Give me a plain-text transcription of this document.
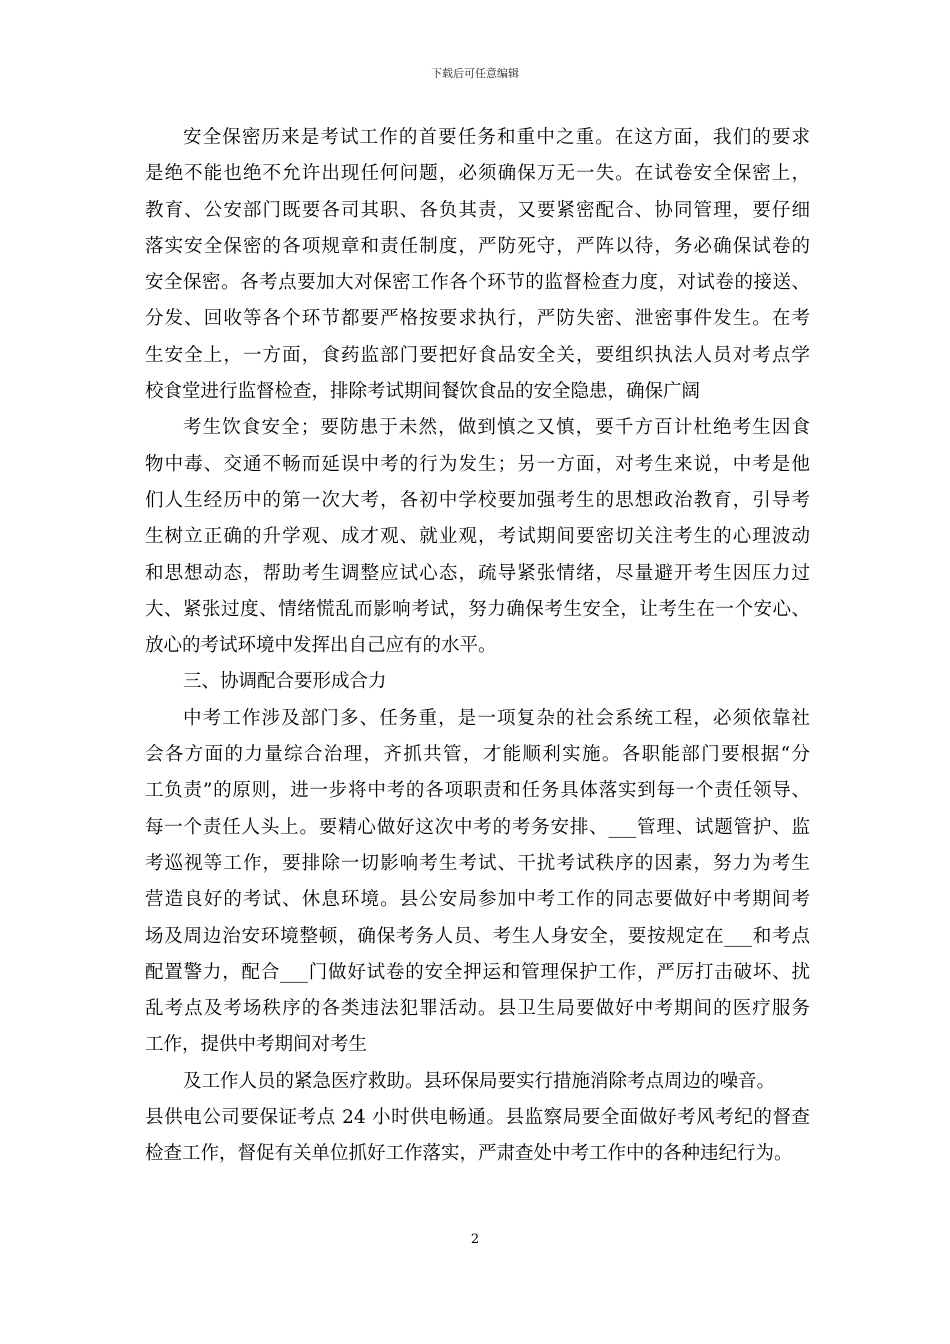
下载后可任意编辑
安全保密历来是考试工作的首要任务和重中之重。在这方面，我们的要求
是绝不能也绝不允许出现任何问题，必须确保万无一失。在试卷安全保密上，
教育、公安部门既要各司其职、各负其责，又要紧密配合、协同管理，要仔细
落实安全保密的各项规章和责任制度，严防死守，严阵以待，务必确保试卷的
安全保密。各考点要加大对保密工作各个环节的监督检查力度，对试卷的接送、
分发、回收等各个环节都要严格按要求执行，严防失密、泄密事件发生。在考
生安全上，一方面，食药监部门要把好食品安全关，要组织执法人员对考点学
校食堂进行监督检查，排除考试期间餐饮食品的安全隐患，确保广阔
考生饮食安全；要防患于未然，做到慎之又慎，要千方百计杜绝考生因食
物中毒、交通不畅而延误中考的行为发生；另一方面，对考生来说，中考是他
们人生经历中的第一次大考，各初中学校要加强考生的思想政治教育，引导考
生树立正确的升学观、成才观、就业观，考试期间要密切关注考生的心理波动
和思想动态，帮助考生调整应试心态，疏导紧张情绪，尽量避开考生因压力过
大、紧张过度、情绪慌乱而影响考试，努力确保考生安全，让考生在一个安心、
放心的考试环境中发挥出自己应有的水平。
三、协调配合要形成合力
中考工作涉及部门多、任务重，是一项复杂的社会系统工程，必须依靠社
会各方面的力量综合治理，齐抓共管，才能顺利实施。各职能部门要根据“分
工负责”的原则，进一步将中考的各项职责和任务具体落实到每一个责任领导、
每一个责任人头上。要精心做好这次中考的考务安排、___管理、试题管护、监
考巡视等工作，要排除一切影响考生考试、干扰考试秩序的因素，努力为考生
营造良好的考试、休息环境。县公安局参加中考工作的同志要做好中考期间考
场及周边治安环境整顿，确保考务人员、考生人身安全，要按规定在___和考点
配置警力，配合___门做好试卷的安全押运和管理保护工作，严厉打击破坏、扰
乱考点及考场秩序的各类违法犯罪活动。县卫生局要做好中考期间的医疗服务
工作，提供中考期间对考生
及工作人员的紧急医疗救助。县环保局要实行措施消除考点周边的噪音。
县供电公司要保证考点 24 小时供电畅通。县监察局要全面做好考风考纪的督查
检查工作，督促有关单位抓好工作落实，严肃查处中考工作中的各种违纪行为。
2
